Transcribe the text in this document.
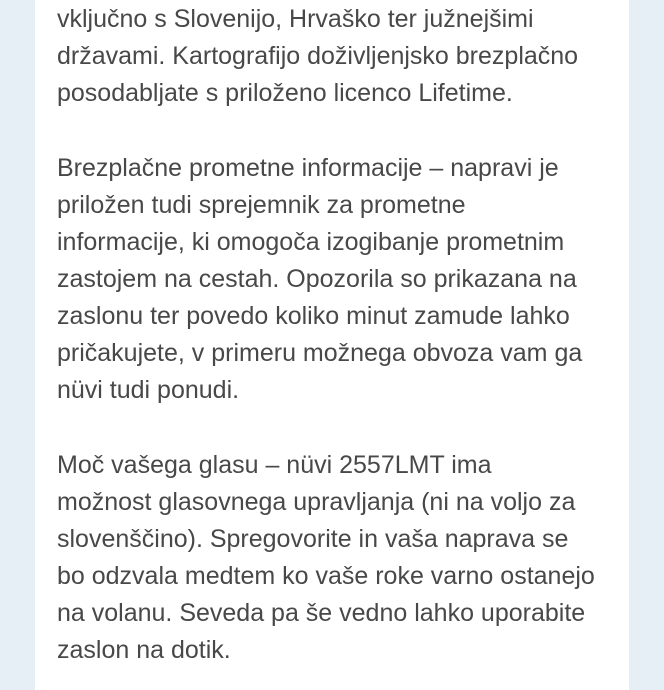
vključno s Slovenijo, Hrvaško ter južnejšimi
državami. Kartografijo doživljenjsko brezplačno
posodabljate s priloženo licenco Lifetime.

Brezplačne prometne informacije – napravi je
priložen tudi sprejemnik za prometne
informacije, ki omogoča izogibanje prometnim
zastojem na cestah. Opozorila so prikazana na
zaslonu ter povedo koliko minut zamude lahko
pričakujete, v primeru možnega obvoza vam ga
nüvi tudi ponudi.

Moč vašega glasu – nüvi 2557LMT ima
možnost glasovnega upravljanja (ni na voljo za
slovenščino). Spregovorite in vaša naprava se
bo odzvala medtem ko vaše roke varno ostanejo
na volanu. Seveda pa še vedno lahko uporabite
zaslon na dotik.
